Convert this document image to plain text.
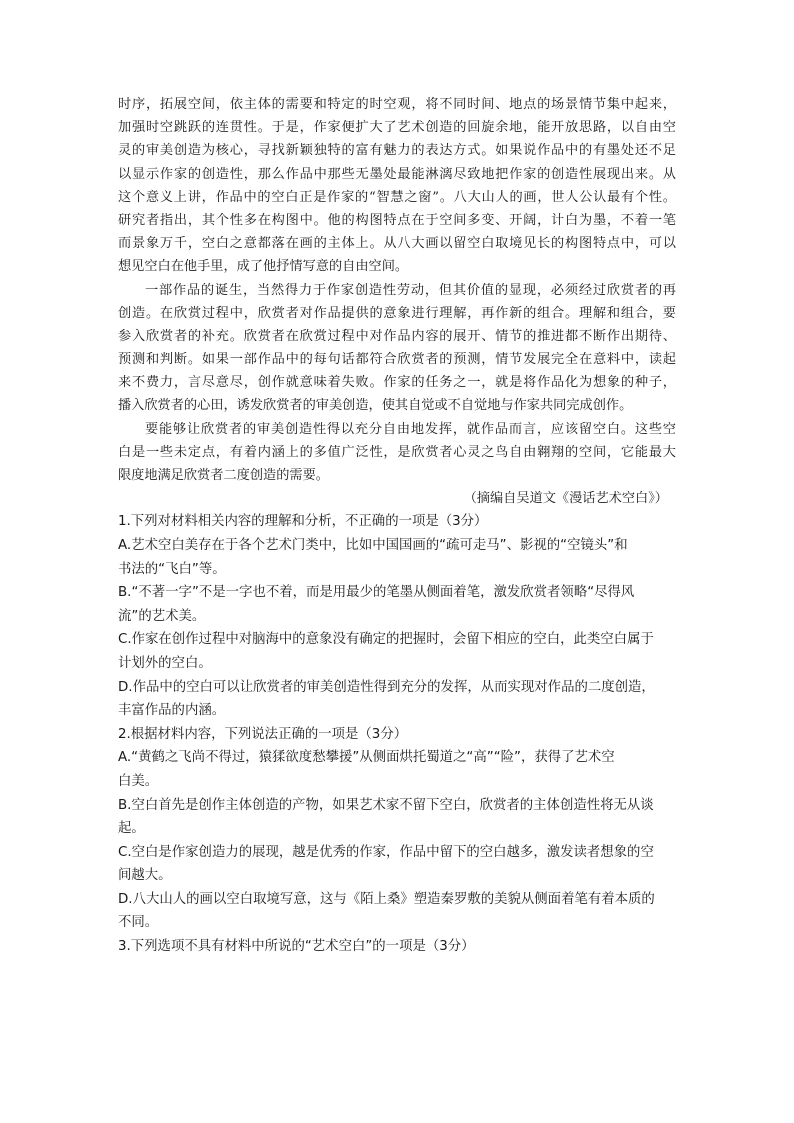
时序，拓展空间，依主体的需要和特定的时空观，将不同时间、地点的场景情节集中起来，
加强时空跳跃的连贯性。于是，作家便扩大了艺术创造的回旋余地，能开放思路，以自由空
灵的审美创造为核心，寻找新颖独特的富有魅力的表达方式。如果说作品中的有墨处还不足
以显示作家的创造性，那么作品中那些无墨处最能淋漓尽致地把作家的创造性展现出来。从
这个意义上讲，作品中的空白正是作家的“智慧之窗”。八大山人的画，世人公认最有个性。
研究者指出，其个性多在构图中。他的构图特点在于空间多变、开阔，计白为墨，不着一笔
而景象万千，空白之意都落在画的主体上。从八大画以留空白取境见长的构图特点中，可以
想见空白在他手里，成了他抒情写意的自由空间。
一部作品的诞生，当然得力于作家创造性劳动，但其价值的显现，必须经过欣赏者的再
创造。在欣赏过程中，欣赏者对作品提供的意象进行理解，再作新的组合。理解和组合，要
参入欣赏者的补充。欣赏者在欣赏过程中对作品内容的展开、情节的推进都不断作出期待、
预测和判断。如果一部作品中的每句话都符合欣赏者的预测，情节发展完全在意料中，读起
来不费力，言尽意尽，创作就意味着失败。作家的任务之一，就是将作品化为想象的种子，
播入欣赏者的心田，诱发欣赏者的审美创造，使其自觉或不自觉地与作家共同完成创作。
要能够让欣赏者的审美创造性得以充分自由地发挥，就作品而言，应该留空白。这些空
白是一些未定点，有着内涵上的多值广泛性，是欣赏者心灵之鸟自由翱翔的空间，它能最大
限度地满足欣赏者二度创造的需要。
（摘编自吴道文《漫话艺术空白》）
1.下列对材料相关内容的理解和分析，不正确的一项是（3分）
A.艺术空白美存在于各个艺术门类中，比如中国国画的“疏可走马”、影视的“空镜头”和
书法的“飞白”等。
B.“不著一字”不是一字也不着，而是用最少的笔墨从侧面着笔，激发欣赏者领略“尽得风
流”的艺术美。
C.作家在创作过程中对脑海中的意象没有确定的把握时，会留下相应的空白，此类空白属于
计划外的空白。
D.作品中的空白可以让欣赏者的审美创造性得到充分的发挥，从而实现对作品的二度创造，
丰富作品的内涵。
2.根据材料内容，下列说法正确的一项是（3分）
A.“黄鹤之飞尚不得过，猿猱欲度愁攀援”从侧面烘托蜀道之“高”“险”，获得了艺术空
白美。
B.空白首先是创作主体创造的产物，如果艺术家不留下空白，欣赏者的主体创造性将无从谈
起。
C.空白是作家创造力的展现，越是优秀的作家，作品中留下的空白越多，激发读者想象的空
间越大。
D.八大山人的画以空白取境写意，这与《陌上桑》塑造秦罗敷的美貌从侧面着笔有着本质的
不同。
3.下列选项不具有材料中所说的“艺术空白”的一项是（3分）
